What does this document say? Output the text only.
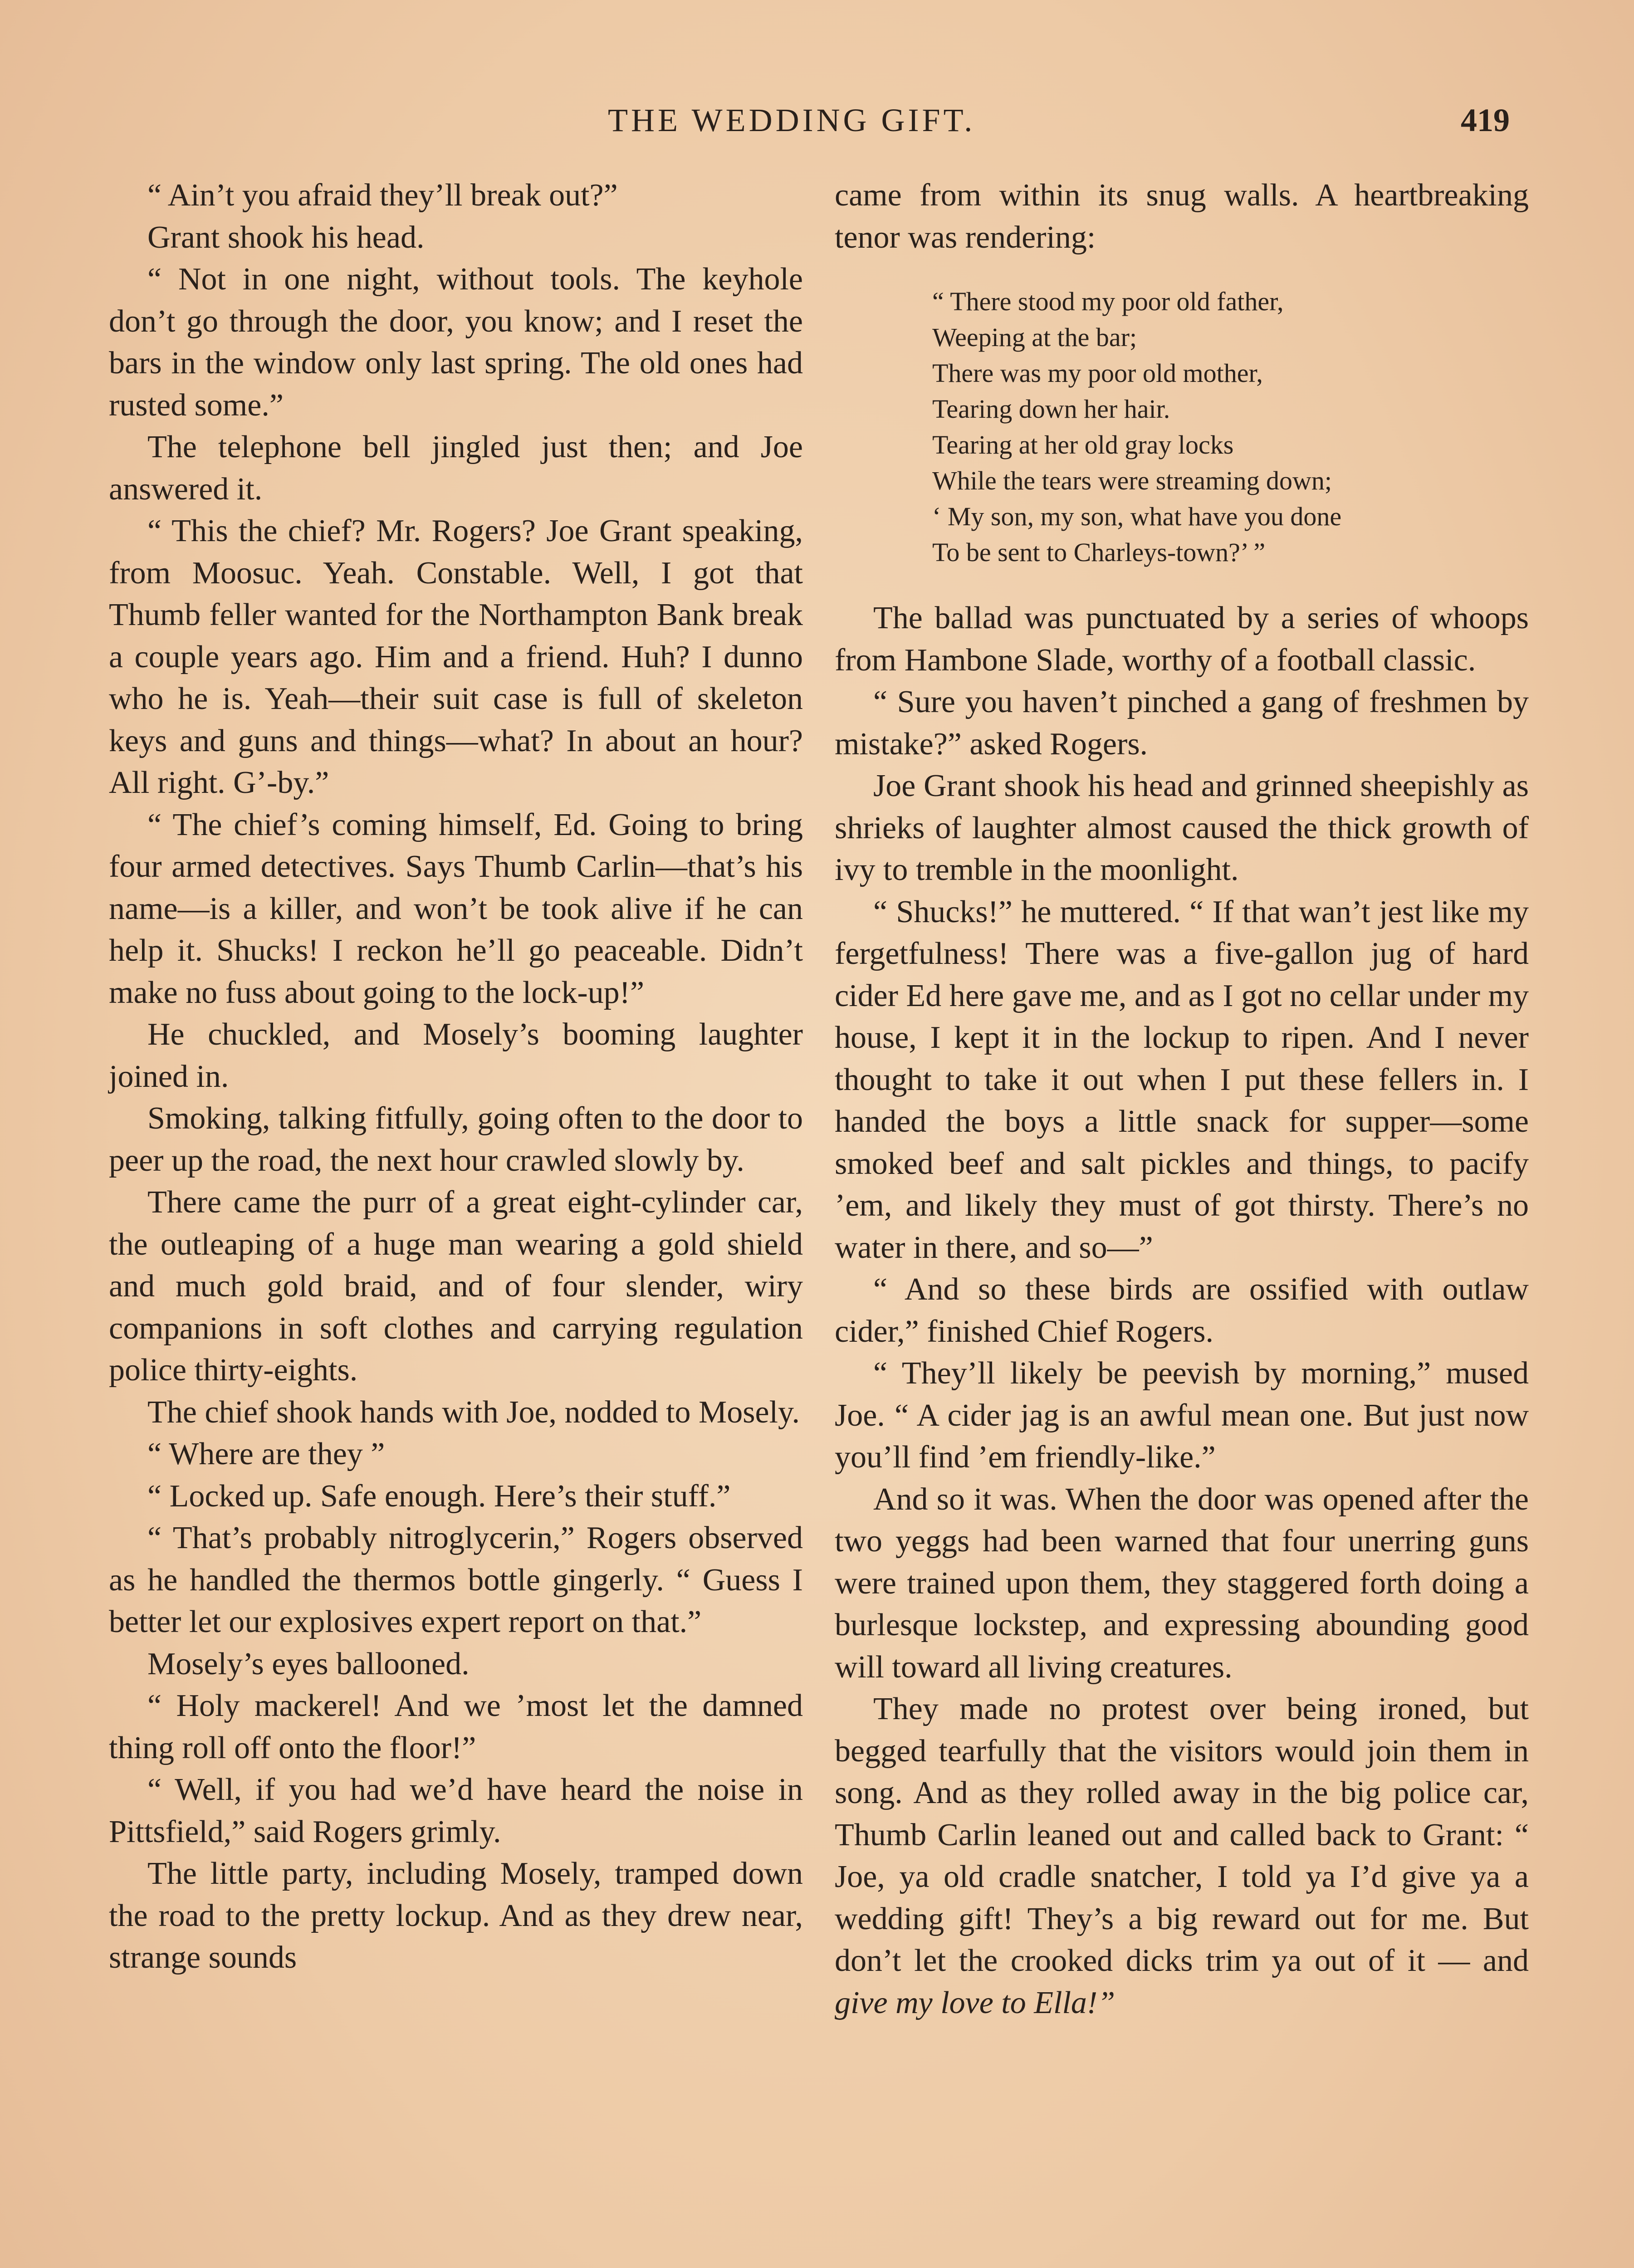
THE WEDDING GIFT.	419

“ Ain’t you afraid they’ll break out?”

Grant shook his head.

“ Not in one night, without tools. The keyhole don’t go through the door, you know; and I reset the bars in the window only last spring. The old ones had rusted some.”

The telephone bell jingled just then; and Joe answered it.

“ This the chief? Mr. Rogers? Joe Grant speaking, from Moosuc. Yeah. Constable. Well, I got that Thumb feller wanted for the Northampton Bank break a couple years ago. Him and a friend. Huh? I dunno who he is. Yeah—their suit case is full of skeleton keys and guns and things—what? In about an hour? All right. G’-by.”

“ The chief’s coming himself, Ed. Going to bring four armed detectives. Says Thumb Carlin—that’s his name—is a killer, and won’t be took alive if he can help it. Shucks! I reckon he’ll go peaceable. Didn’t make no fuss about going to the lock-up!”

He chuckled, and Mosely’s booming laughter joined in.

Smoking, talking fitfully, going often to the door to peer up the road, the next hour crawled slowly by.

There came the purr of a great eight-cylinder car, the outleaping of a huge man wearing a gold shield and much gold braid, and of four slender, wiry companions in soft clothes and carrying regulation police thirty-eights.

The chief shook hands with Joe, nodded to Mosely.

“ Where are they ”

“ Locked up. Safe enough. Here’s their stuff.”

“ That’s probably nitroglycerin,” Rogers observed as he handled the thermos bottle gingerly. “ Guess I better let our explosives expert report on that.”

Mosely’s eyes ballooned.

“ Holy mackerel! And we ’most let the damned thing roll off onto the floor!”

“ Well, if you had we’d have heard the noise in Pittsfield,” said Rogers grimly.

The little party, including Mosely, tramped down the road to the pretty lockup. And as they drew near, strange sounds

came from within its snug walls. A heartbreaking tenor was rendering:

“ There stood my poor old father,
Weeping at the bar;
There was my poor old mother,
Tearing down her hair.
Tearing at her old gray locks
While the tears were streaming down;
‘ My son, my son, what have you done
To be sent to Charleys-town?’ ”

The ballad was punctuated by a series of whoops from Hambone Slade, worthy of a football classic.

“ Sure you haven’t pinched a gang of freshmen by mistake?” asked Rogers.

Joe Grant shook his head and grinned sheepishly as shrieks of laughter almost caused the thick growth of ivy to tremble in the moonlight.

“ Shucks!” he muttered. “ If that wan’t jest like my fergetfulness! There was a five-gallon jug of hard cider Ed here gave me, and as I got no cellar under my house, I kept it in the lockup to ripen. And I never thought to take it out when I put these fellers in. I handed the boys a little snack for supper—some smoked beef and salt pickles and things, to pacify ’em, and likely they must of got thirsty. There’s no water in there, and so—”

“ And so these birds are ossified with outlaw cider,” finished Chief Rogers.

“ They’ll likely be peevish by morning,” mused Joe. “ A cider jag is an awful mean one. But just now you’ll find ’em friendly-like.”

And so it was. When the door was opened after the two yeggs had been warned that four unerring guns were trained upon them, they staggered forth doing a burlesque lockstep, and expressing abounding good will toward all living creatures.

They made no protest over being ironed, but begged tearfully that the visitors would join them in song. And as they rolled away in the big police car, Thumb Carlin leaned out and called back to Grant: “ Joe, ya old cradle snatcher, I told ya I’d give ya a wedding gift! They’s a big reward out for me. But don’t let the crooked dicks trim ya out of it — and give my love to Ella!”
